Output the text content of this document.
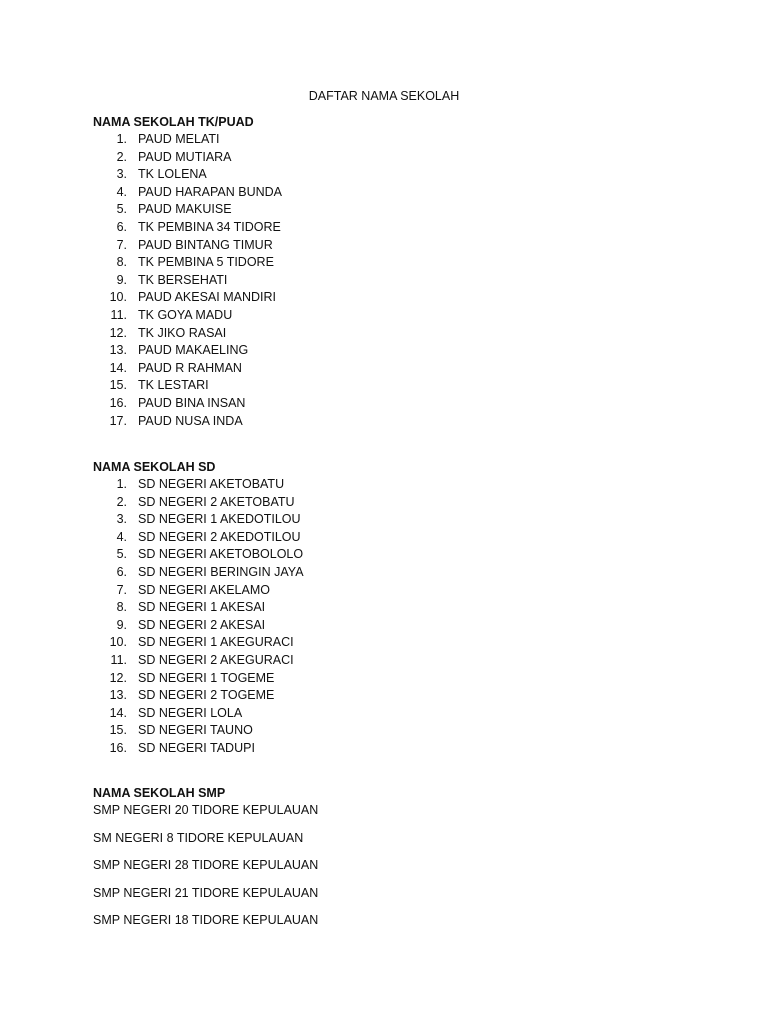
DAFTAR NAMA SEKOLAH
NAMA SEKOLAH TK/PUAD
1. PAUD MELATI
2. PAUD MUTIARA
3. TK LOLENA
4. PAUD HARAPAN BUNDA
5. PAUD MAKUISE
6. TK PEMBINA 34 TIDORE
7. PAUD BINTANG TIMUR
8. TK PEMBINA 5 TIDORE
9. TK BERSEHATI
10. PAUD AKESAI MANDIRI
11. TK GOYA MADU
12. TK JIKO RASAI
13. PAUD MAKAELING
14. PAUD R RAHMAN
15. TK LESTARI
16. PAUD BINA INSAN
17. PAUD NUSA INDA
NAMA SEKOLAH SD
1. SD NEGERI AKETOBATU
2. SD NEGERI 2 AKETOBATU
3. SD NEGERI 1 AKEDOTILOU
4. SD NEGERI 2 AKEDOTILOU
5. SD NEGERI AKETOBOLOLO
6. SD NEGERI BERINGIN JAYA
7. SD NEGERI AKELAMO
8. SD NEGERI 1 AKESAI
9. SD NEGERI 2 AKESAI
10. SD NEGERI 1 AKEGURACI
11. SD NEGERI 2 AKEGURACI
12. SD NEGERI 1 TOGEME
13. SD NEGERI 2 TOGEME
14. SD NEGERI LOLA
15. SD NEGERI TAUNO
16. SD NEGERI TADUPI
NAMA SEKOLAH SMP
SMP NEGERI 20 TIDORE KEPULAUAN
SM NEGERI 8 TIDORE KEPULAUAN
SMP NEGERI 28 TIDORE KEPULAUAN
SMP NEGERI 21 TIDORE KEPULAUAN
SMP NEGERI 18 TIDORE KEPULAUAN
